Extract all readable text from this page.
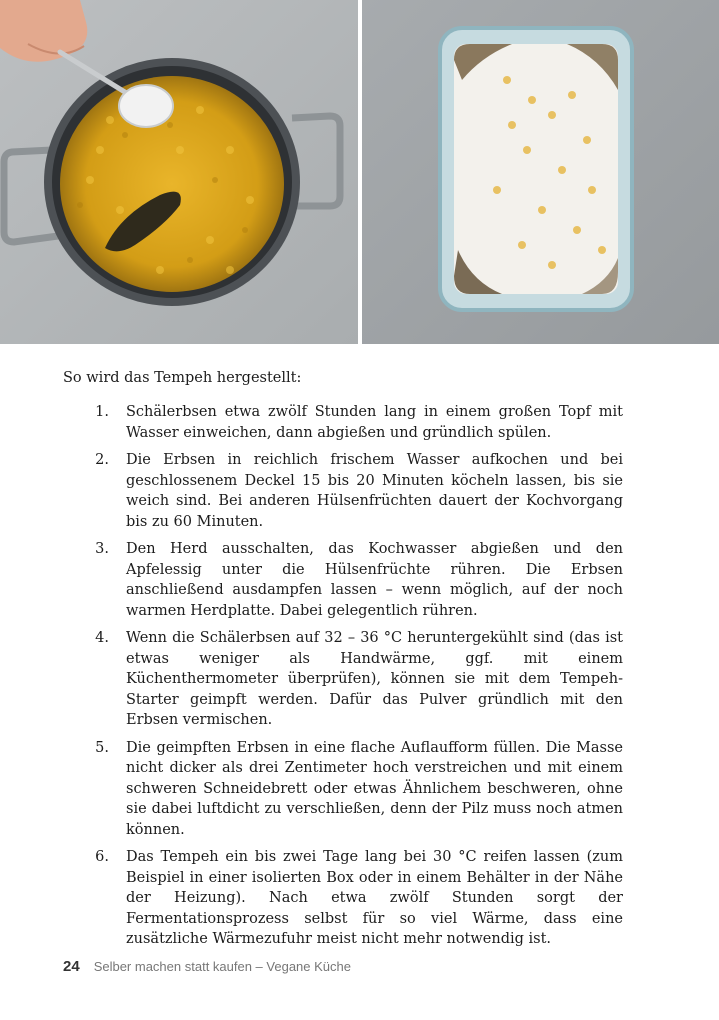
So wird das Tempeh hergestellt:

1. Schälerbsen etwa zwölf Stunden lang in einem großen Topf mit Wasser einweichen, dann abgießen und gründlich spülen.

2. Die Erbsen in reichlich frischem Wasser aufkochen und bei geschlossenem Deckel 15 bis 20 Minuten köcheln lassen, bis sie weich sind. Bei anderen Hülsenfrüchten dauert der Kochvorgang bis zu 60 Minuten.

3. Den Herd ausschalten, das Kochwasser abgießen und den Apfelessig unter die Hülsenfrüchte rühren. Die Erbsen anschließend ausdampfen lassen – wenn möglich, auf der noch warmen Herdplatte. Dabei gelegentlich rühren.

4. Wenn die Schälerbsen auf 32 – 36 °C heruntergekühlt sind (das ist etwas weniger als Handwärme, ggf. mit einem Küchenthermometer überprüfen), können sie mit dem Tempeh-Starter geimpft werden. Dafür das Pulver gründlich mit den Erbsen vermischen.

5. Die geimpften Erbsen in eine flache Auflaufform füllen. Die Masse nicht dicker als drei Zentimeter hoch verstreichen und mit einem schweren Schneidebrett oder etwas Ähnlichem beschweren, ohne sie dabei luftdicht zu verschließen, denn der Pilz muss noch atmen können.

6. Das Tempeh ein bis zwei Tage lang bei 30 °C reifen lassen (zum Beispiel in einer isolierten Box oder in einem Behälter in der Nähe der Heizung). Nach etwa zwölf Stunden sorgt der Fermentationsprozess selbst für so viel Wärme, dass eine zusätzliche Wärmezufuhr meist nicht mehr notwendig ist.

24 Selber machen statt kaufen – Vegane Küche
